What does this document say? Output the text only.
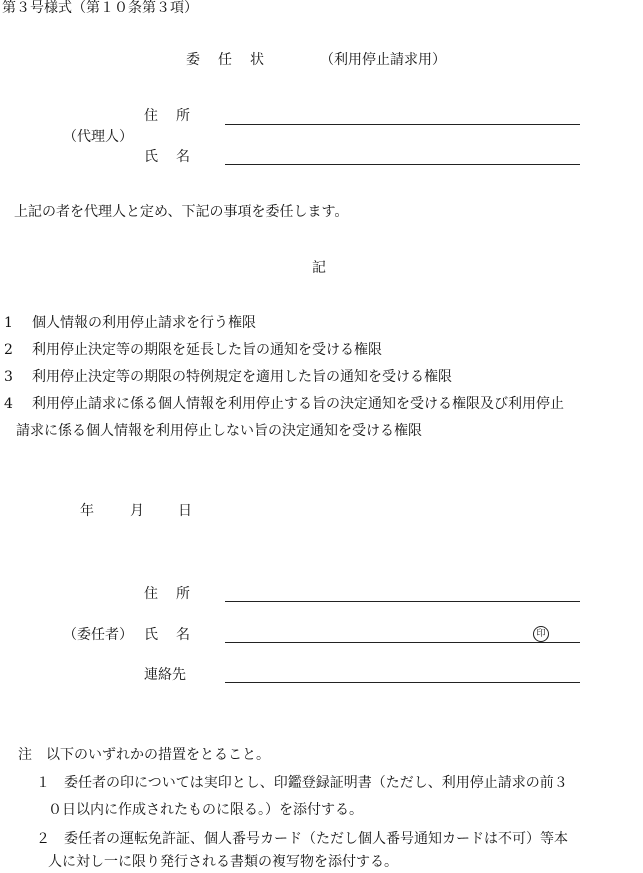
第３号様式（第１０条第３項）
委任状	（利用停止請求用）
住所
（代理人）
氏名
上記の者を代理人と定め、下記の事項を委任します。
記
1 個人情報の利用停止請求を行う権限
2 利用停止決定等の期限を延長した旨の通知を受ける権限
3 利用停止決定等の期限の特例規定を適用した旨の通知を受ける権限
4 利用停止請求に係る個人情報を利用停止する旨の決定通知を受ける権限及び利用停止
請求に係る個人情報を利用停止しない旨の決定通知を受ける権限
年	月 日
住所
（委任者） 氏名	印
連絡先
注　以下のいずれかの措置をとること。
１　委任者の印については実印とし、印鑑登録証明書（ただし、利用停止請求の前３
０日以内に作成されたものに限る。）を添付する。
２　委任者の運転免許証、個人番号カード（ただし個人番号通知カードは不可）等本
人に対し一に限り発行される書類の複写物を添付する。
